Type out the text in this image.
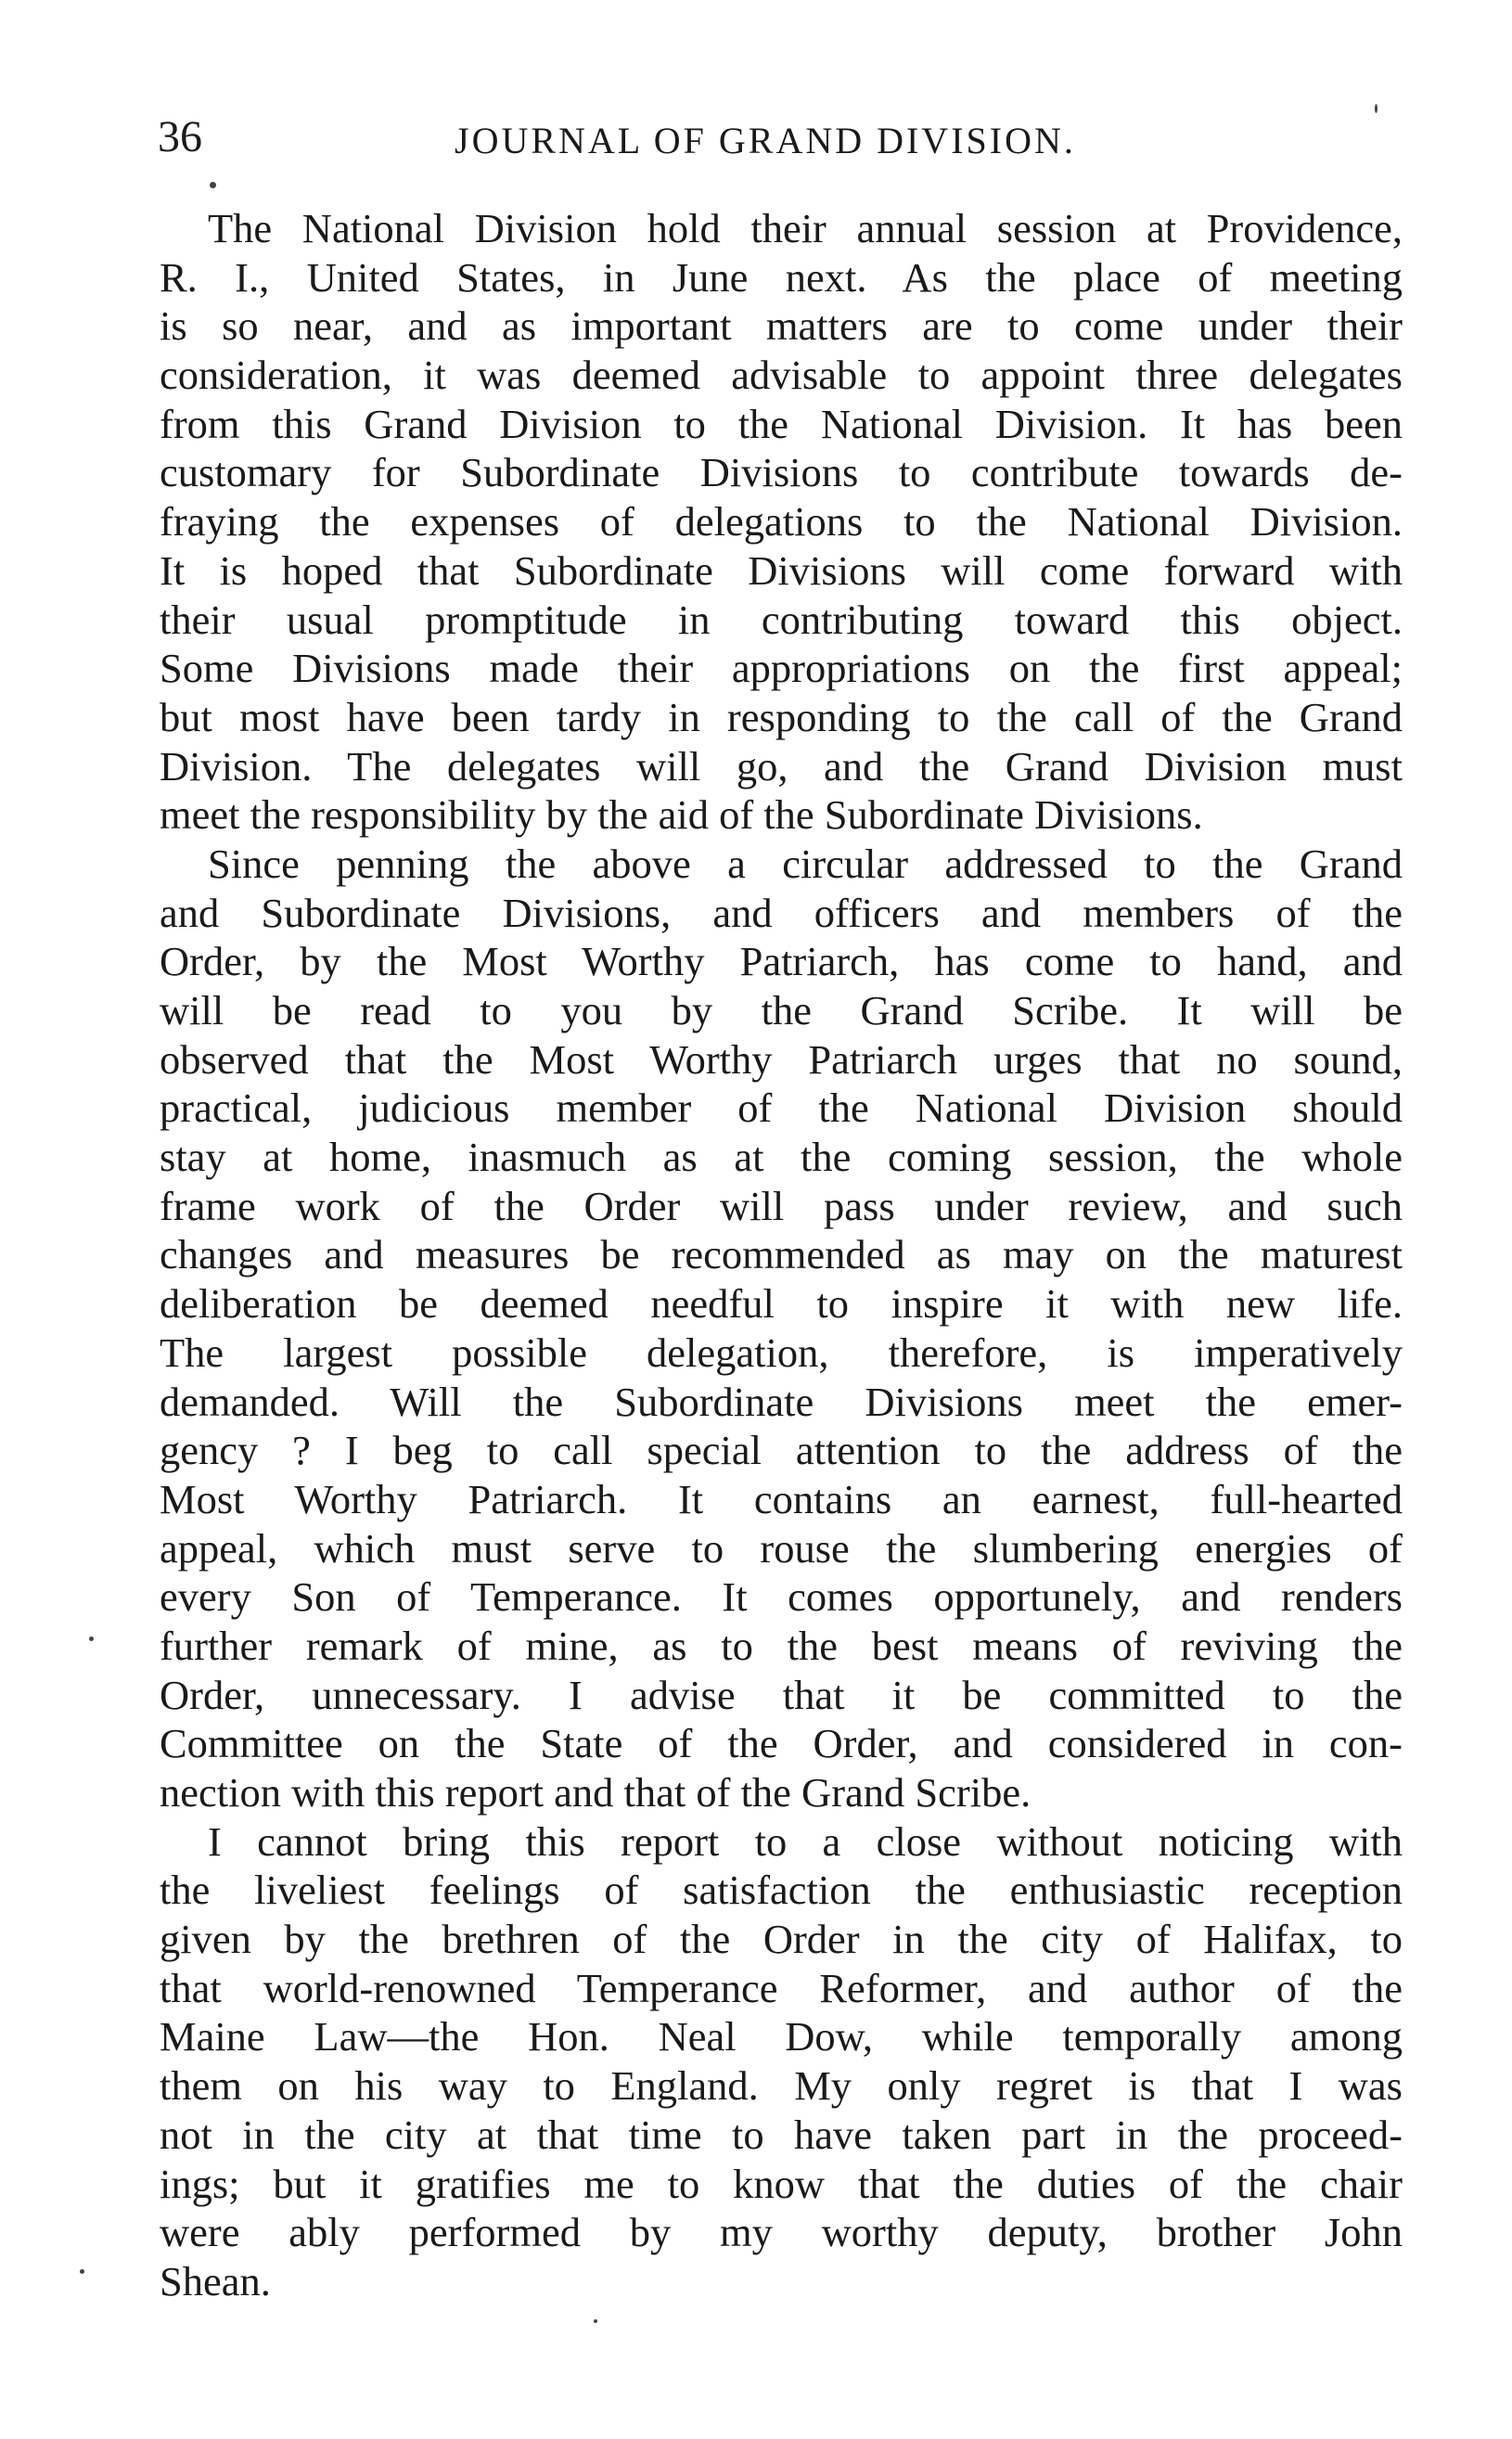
36	JOURNAL OF GRAND DIVISION.

The National Division hold their annual session at Providence,
R. I., United States, in June next. As the place of meeting
is so near, and as important matters are to come under their
consideration, it was deemed advisable to appoint three delegates
from this Grand Division to the National Division. It has been
customary for Subordinate Divisions to contribute towards de-
fraying the expenses of delegations to the National Division.
It is hoped that Subordinate Divisions will come forward with
their usual promptitude in contributing toward this object.
Some Divisions made their appropriations on the first appeal;
but most have been tardy in responding to the call of the Grand
Division. The delegates will go, and the Grand Division must
meet the responsibility by the aid of the Subordinate Divisions.

Since penning the above a circular addressed to the Grand
and Subordinate Divisions, and officers and members of the
Order, by the Most Worthy Patriarch, has come to hand, and
will be read to you by the Grand Scribe. It will be
observed that the Most Worthy Patriarch urges that no sound,
practical, judicious member of the National Division should
stay at home, inasmuch as at the coming session, the whole
frame work of the Order will pass under review, and such
changes and measures be recommended as may on the maturest
deliberation be deemed needful to inspire it with new life.
The largest possible delegation, therefore, is imperatively
demanded. Will the Subordinate Divisions meet the emer-
gency ? I beg to call special attention to the address of the
Most Worthy Patriarch. It contains an earnest, full-hearted
appeal, which must serve to rouse the slumbering energies of
every Son of Temperance. It comes opportunely, and renders
further remark of mine, as to the best means of reviving the
Order, unnecessary. I advise that it be committed to the
Committee on the State of the Order, and considered in con-
nection with this report and that of the Grand Scribe.

I cannot bring this report to a close without noticing with
the liveliest feelings of satisfaction the enthusiastic reception
given by the brethren of the Order in the city of Halifax, to
that world-renowned Temperance Reformer, and author of the
Maine Law—the Hon. Neal Dow, while temporally among
them on his way to England. My only regret is that I was
not in the city at that time to have taken part in the proceed-
ings; but it gratifies me to know that the duties of the chair
were ably performed by my worthy deputy, brother John
Shean.
